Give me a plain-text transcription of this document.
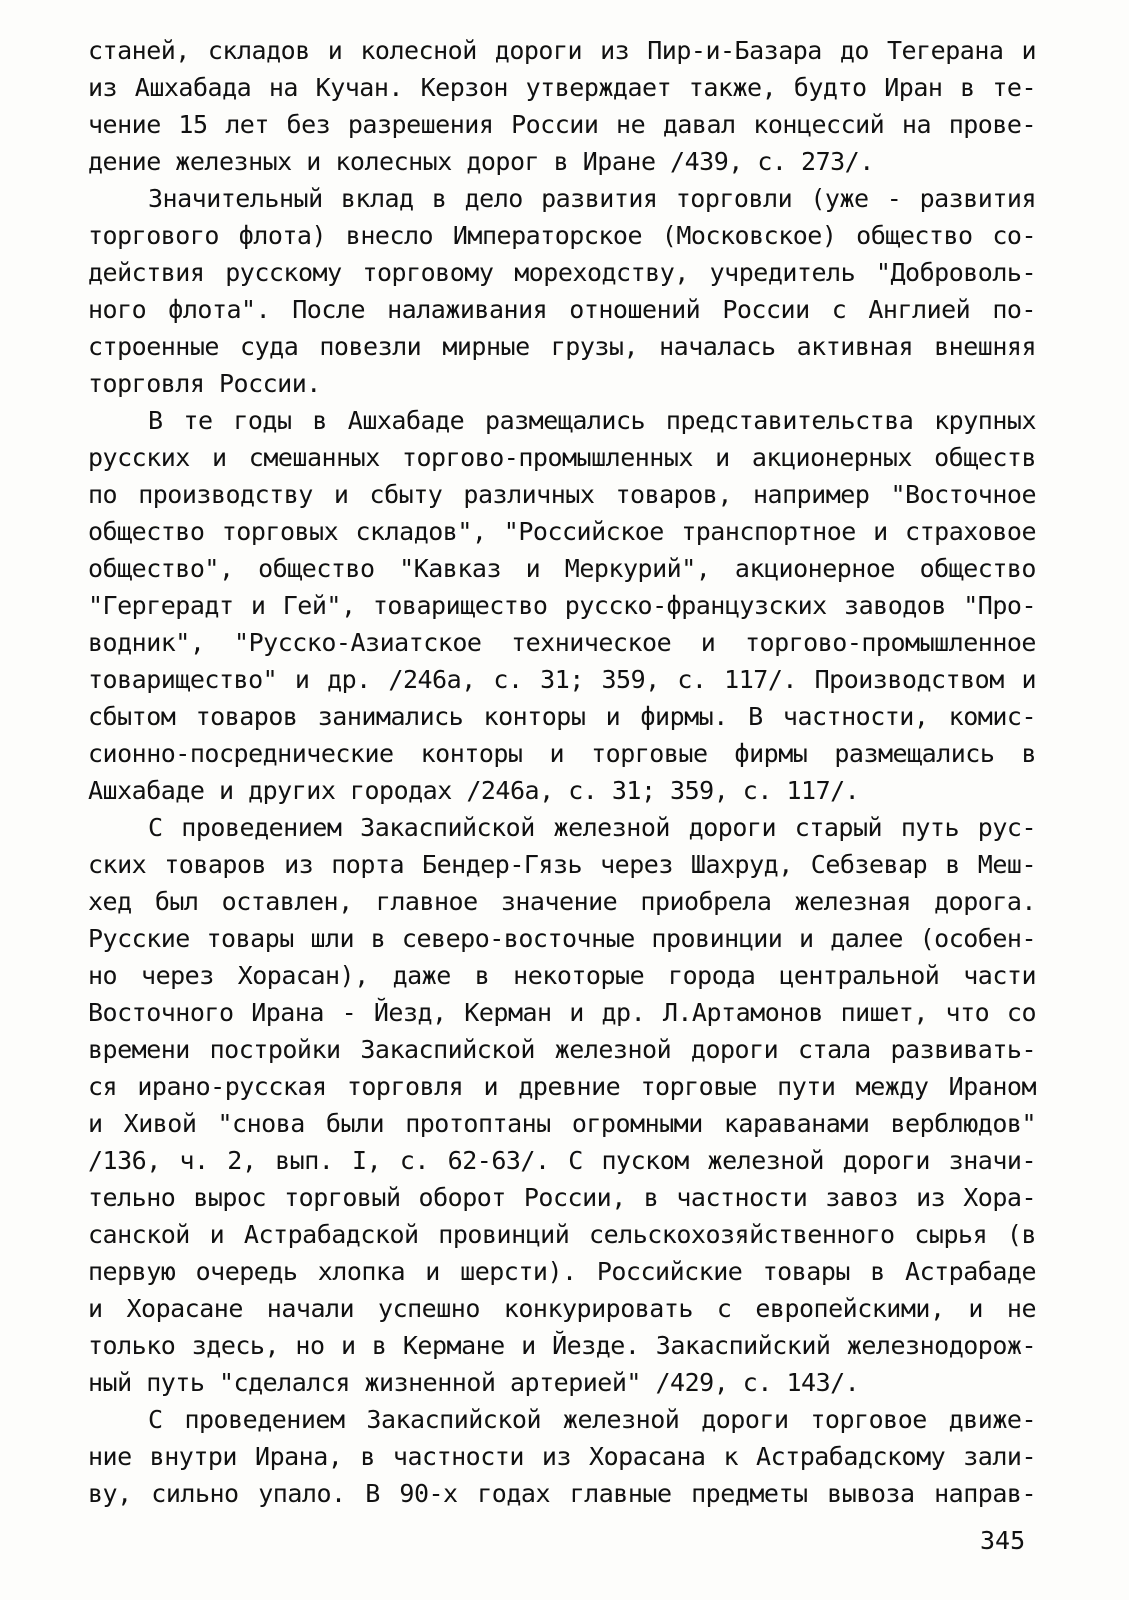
станей, складов и колесной дороги из Пир-и-Базара до Тегерана и
из Ашхабада на Кучан. Керзон утверждает также, будто Иран в те-
чение 15 лет без разрешения России не давал концессий на прове-
дение железных и колесных дорог в Иране /439, с. 273/.
Значительный вклад в дело развития торговли (уже - развития
торгового флота) внесло Императорское (Московское) общество со-
действия русскому торговому мореходству, учредитель "Доброволь-
ного флота". После налаживания отношений России с Англией по-
строенные суда повезли мирные грузы, началась активная внешняя
торговля России.
В те годы в Ашхабаде размещались представительства крупных
русских и смешанных торгово-промышленных и акционерных обществ
по производству и сбыту различных товаров, например "Восточное
общество торговых складов", "Российское транспортное и страховое
общество", общество "Кавказ и Меркурий", акционерное общество
"Гергерадт и Гей", товарищество русско-французских заводов "Про-
водник", "Русско-Азиатское техническое и торгово-промышленное
товарищество" и др. /246а, с. 31; 359, с. 117/. Производством и
сбытом товаров занимались конторы и фирмы. В частности, комис-
сионно-посреднические конторы и торговые фирмы размещались в
Ашхабаде и других городах /246а, с. 31; 359, с. 117/.
С проведением Закаспийской железной дороги старый путь рус-
ских товаров из порта Бендер-Гязь через Шахруд, Себзевар в Меш-
хед был оставлен, главное значение приобрела железная дорога.
Русские товары шли в северо-восточные провинции и далее (особен-
но через Хорасан), даже в некоторые города центральной части
Восточного Ирана - Йезд, Керман и др. Л.Артамонов пишет, что со
времени постройки Закаспийской железной дороги стала развивать-
ся ирано-русская торговля и древние торговые пути между Ираном
и Хивой "снова были протоптаны огромными караванами верблюдов"
/136, ч. 2, вып. I, с. 62-63/. С пуском железной дороги значи-
тельно вырос торговый оборот России, в частности завоз из Хора-
санской и Астрабадской провинций сельскохозяйственного сырья (в
первую очередь хлопка и шерсти). Российские товары в Астрабаде
и Хорасане начали успешно конкурировать с европейскими, и не
только здесь, но и в Кермане и Йезде. Закаспийский железнодорож-
ный путь "сделался жизненной артерией" /429, с. 143/.
С проведением Закаспийской железной дороги торговое движе-
ние внутри Ирана, в частности из Хорасана к Астрабадскому зали-
ву, сильно упало. В 90-х годах главные предметы вывоза направ-
345
